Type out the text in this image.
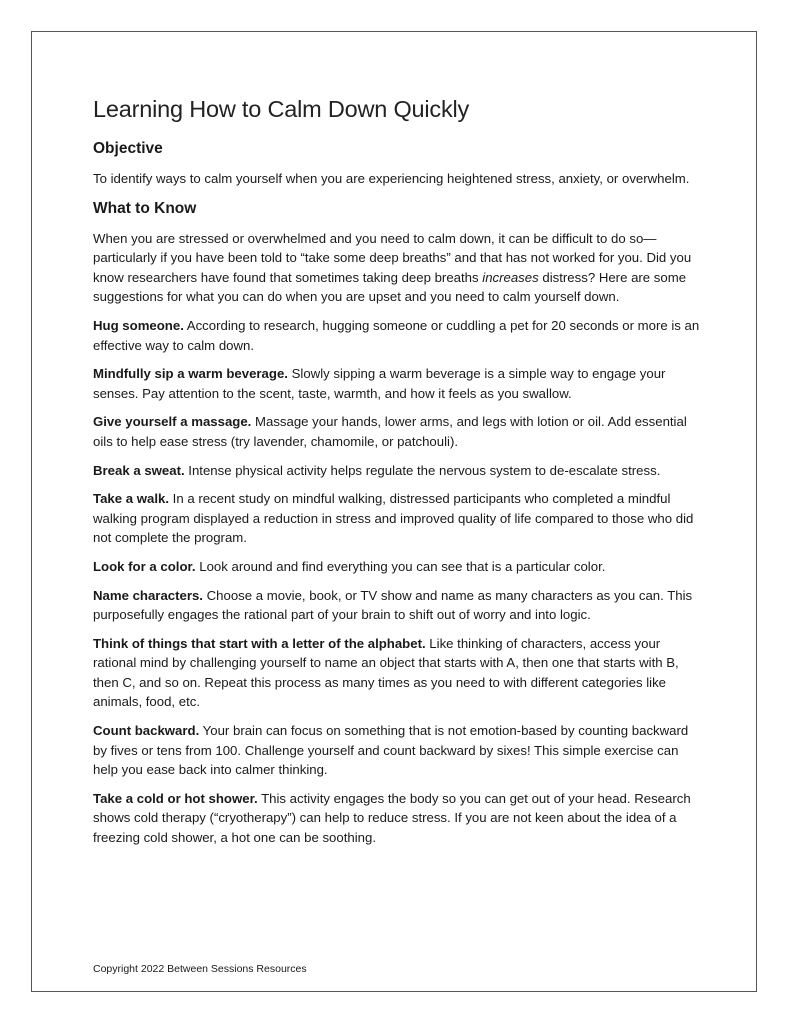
Learning How to Calm Down Quickly
Objective

To identify ways to calm yourself when you are experiencing heightened stress, anxiety, or overwhelm.

What to Know

When you are stressed or overwhelmed and you need to calm down, it can be difficult to do so—particularly if you have been told to “take some deep breaths” and that has not worked for you. Did you know researchers have found that sometimes taking deep breaths increases distress? Here are some suggestions for what you can do when you are upset and you need to calm yourself down.

Hug someone. According to research, hugging someone or cuddling a pet for 20 seconds or more is an effective way to calm down.

Mindfully sip a warm beverage. Slowly sipping a warm beverage is a simple way to engage your senses. Pay attention to the scent, taste, warmth, and how it feels as you swallow.

Give yourself a massage. Massage your hands, lower arms, and legs with lotion or oil. Add essential oils to help ease stress (try lavender, chamomile, or patchouli).

Break a sweat. Intense physical activity helps regulate the nervous system to de-escalate stress.

Take a walk. In a recent study on mindful walking, distressed participants who completed a mindful walking program displayed a reduction in stress and improved quality of life compared to those who did not complete the program.

Look for a color. Look around and find everything you can see that is a particular color.

Name characters. Choose a movie, book, or TV show and name as many characters as you can. This purposefully engages the rational part of your brain to shift out of worry and into logic.

Think of things that start with a letter of the alphabet. Like thinking of characters, access your rational mind by challenging yourself to name an object that starts with A, then one that starts with B, then C, and so on. Repeat this process as many times as you need to with different categories like animals, food, etc.

Count backward. Your brain can focus on something that is not emotion-based by counting backward by fives or tens from 100. Challenge yourself and count backward by sixes! This simple exercise can help you ease back into calmer thinking.

Take a cold or hot shower. This activity engages the body so you can get out of your head. Research shows cold therapy (“cryotherapy”) can help to reduce stress. If you are not keen about the idea of a freezing cold shower, a hot one can be soothing.

Copyright 2022 Between Sessions Resources
